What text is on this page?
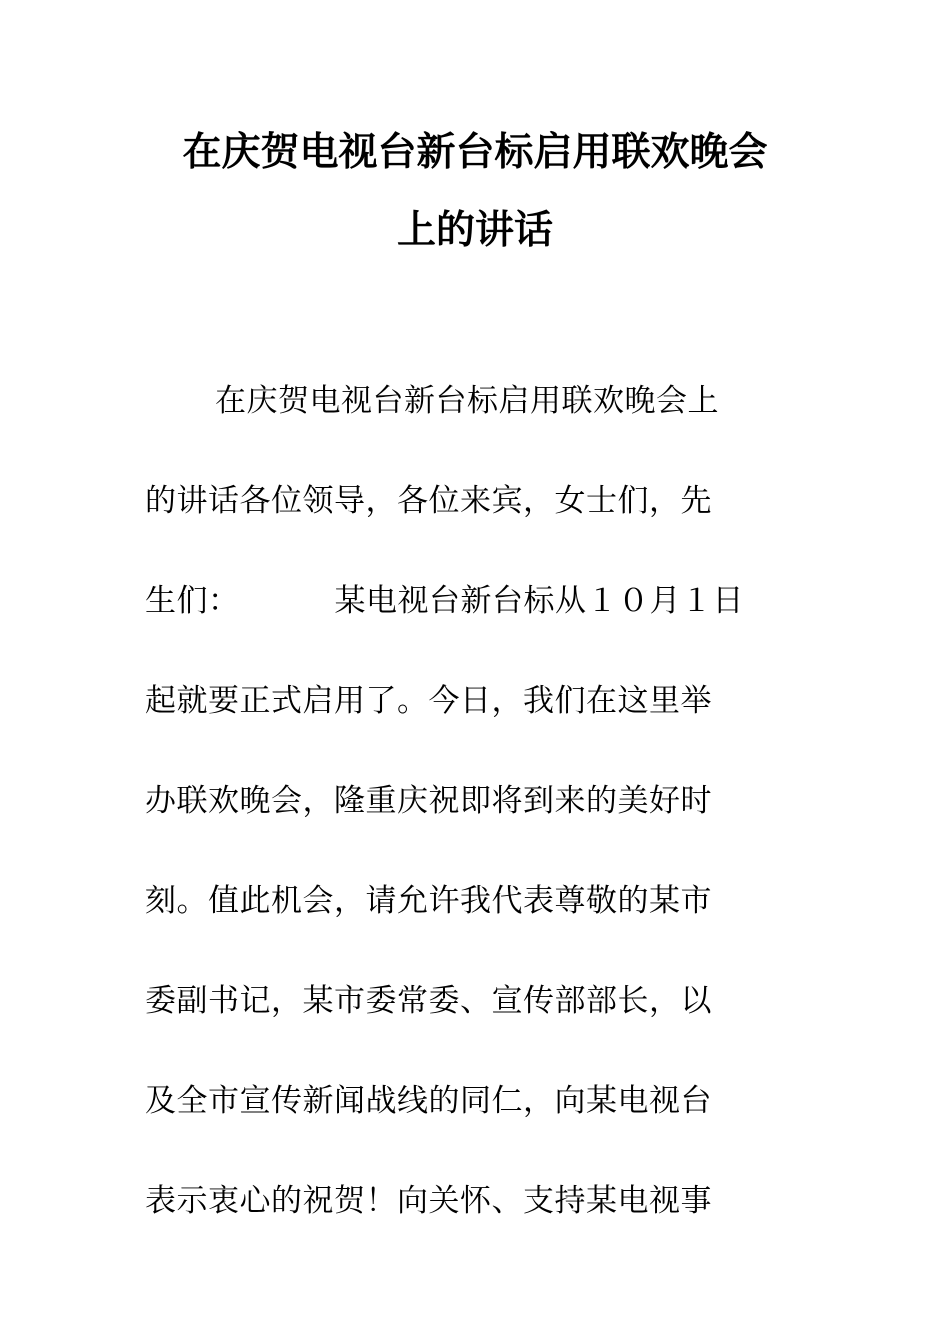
在庆贺电视台新台标启用联欢晚会
上的讲话
在庆贺电视台新台标启用联欢晚会上
的讲话各位领导，各位来宾，女士们，先
生们：	某电视台新台标从１０月１日
起就要正式启用了。今日，我们在这里举
办联欢晚会，隆重庆祝即将到来的美好时
刻。值此机会，请允许我代表尊敬的某市
委副书记，某市委常委、宣传部部长，以
及全市宣传新闻战线的同仁，向某电视台
表示衷心的祝贺！向关怀、支持某电视事
